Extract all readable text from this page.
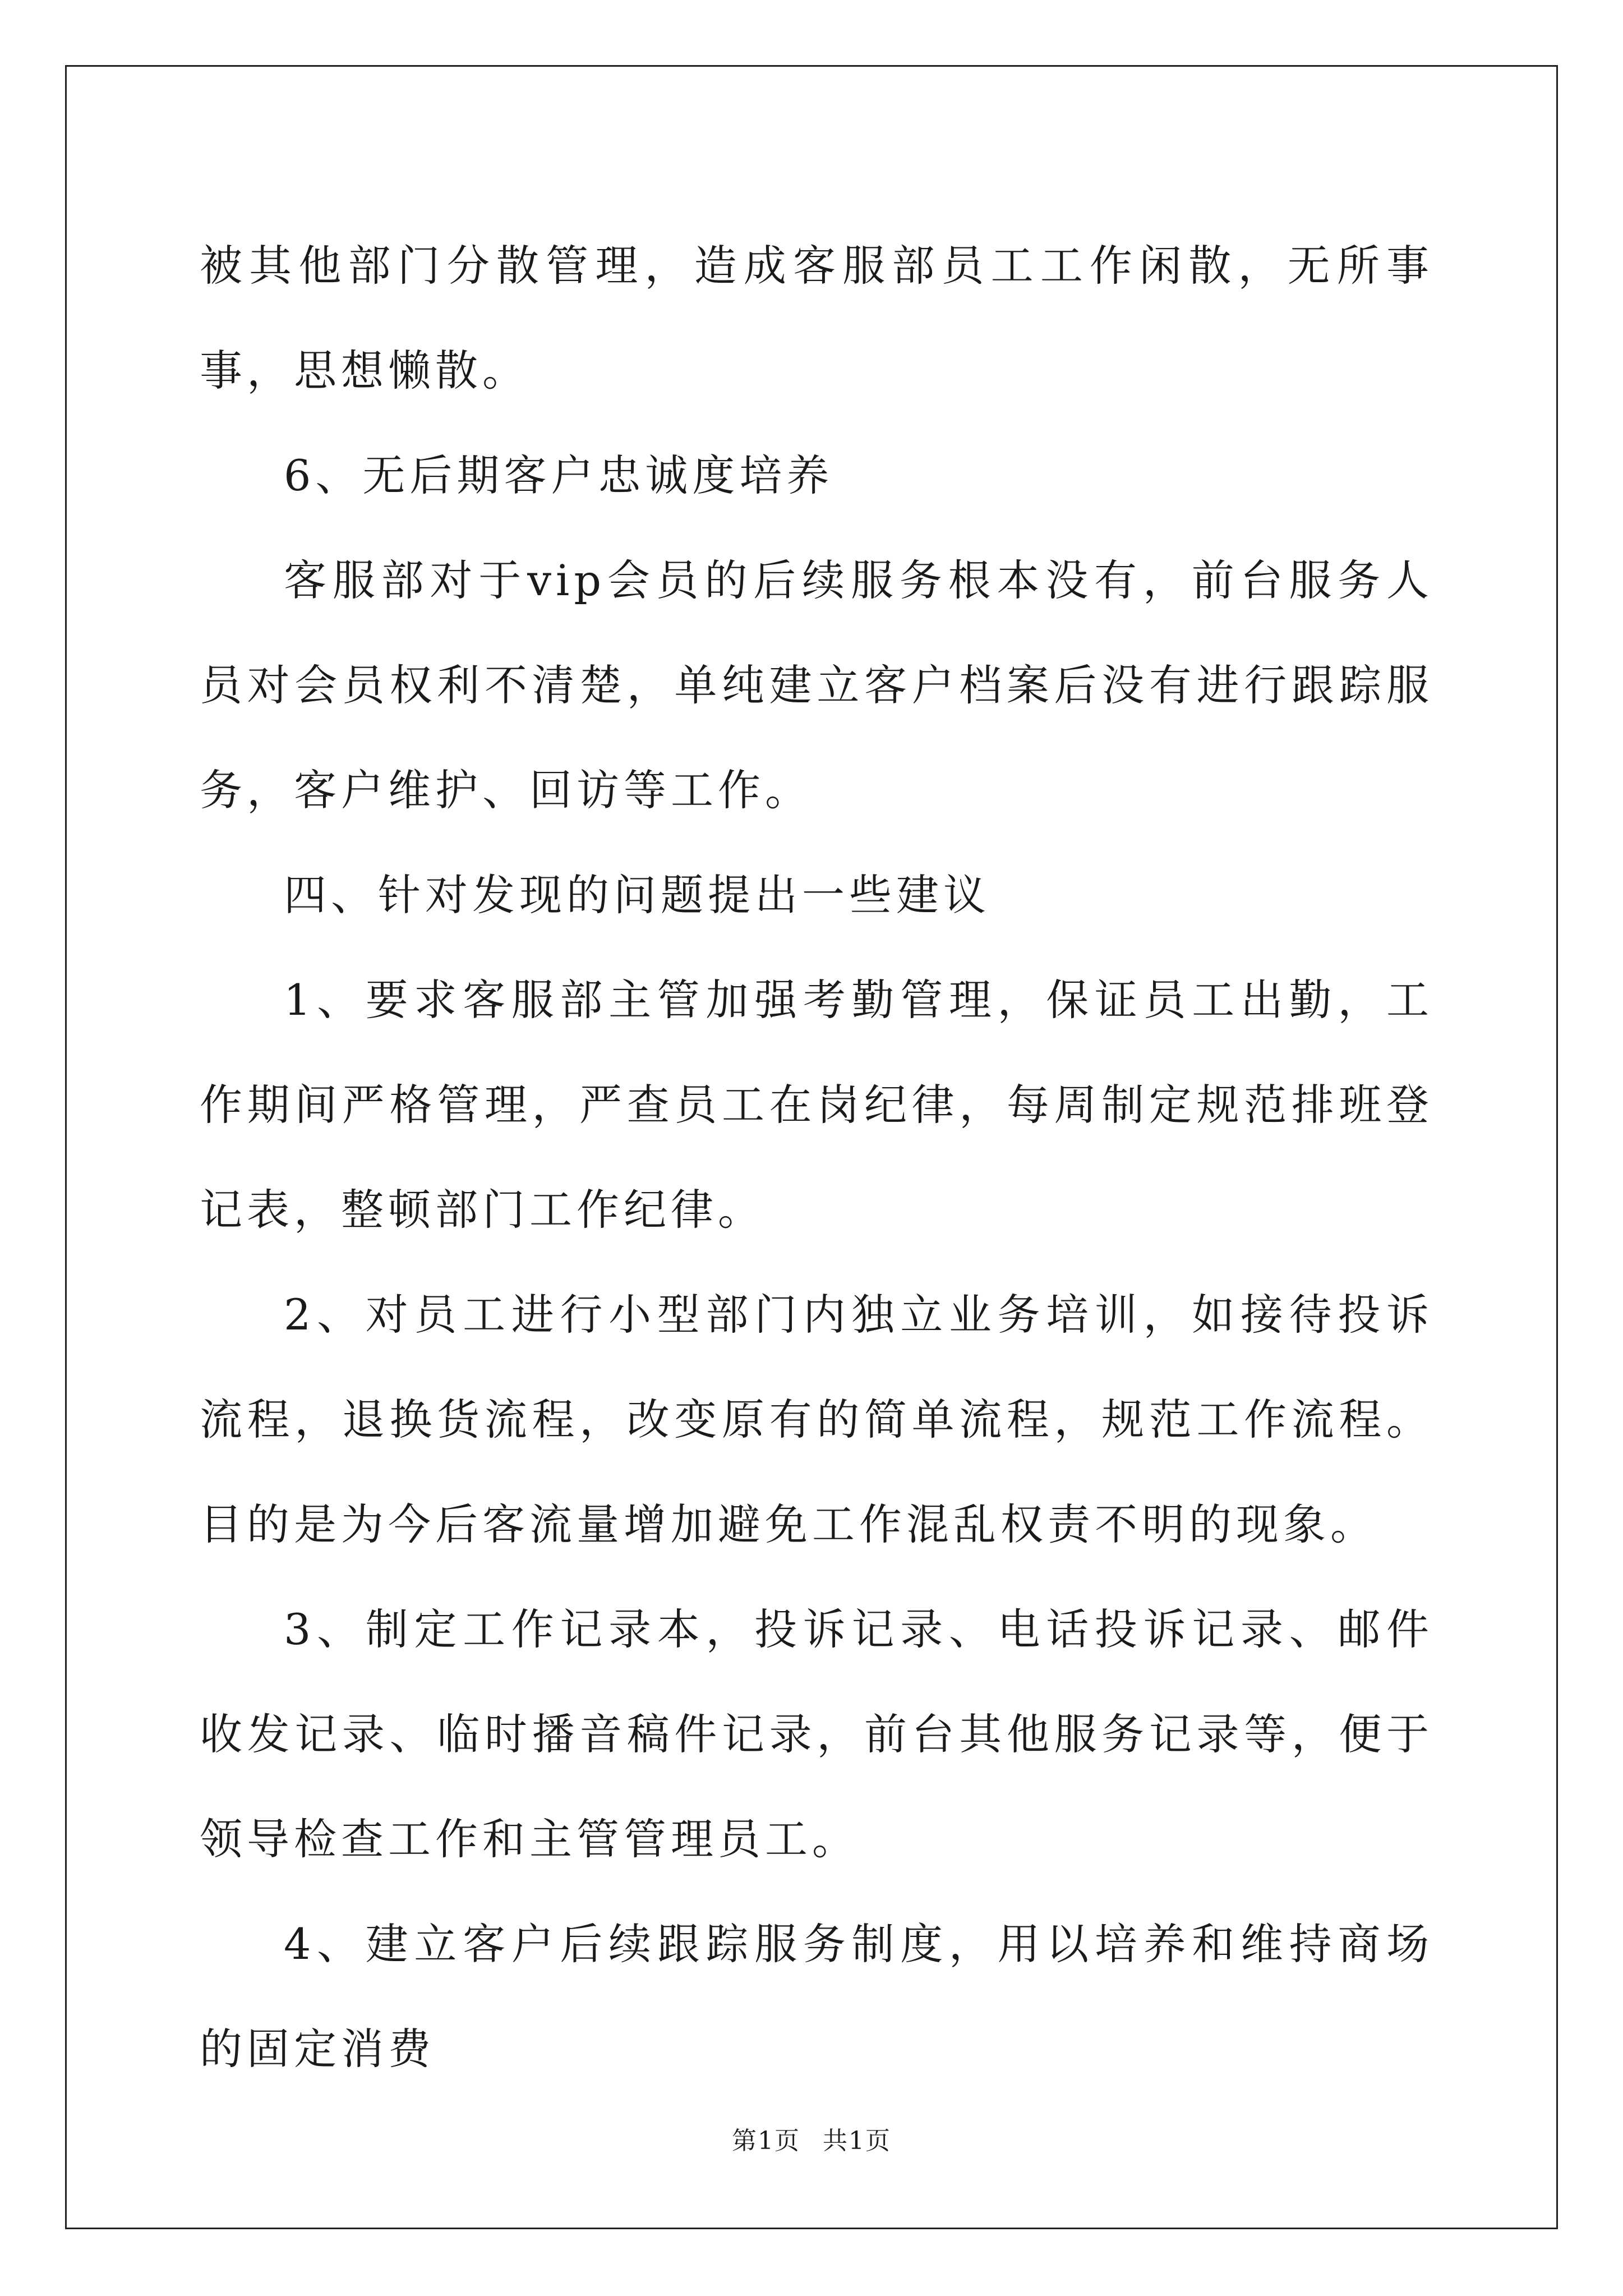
被其他部门分散管理，造成客服部员工工作闲散，无所事事，思想懒散。

6、无后期客户忠诚度培养

客服部对于vip会员的后续服务根本没有，前台服务人员对会员权利不清楚，单纯建立客户档案后没有进行跟踪服务，客户维护、回访等工作。

四、针对发现的问题提出一些建议

1、要求客服部主管加强考勤管理，保证员工出勤，工作期间严格管理，严查员工在岗纪律，每周制定规范排班登记表，整顿部门工作纪律。

2、对员工进行小型部门内独立业务培训，如接待投诉流程，退换货流程，改变原有的简单流程，规范工作流程。目的是为今后客流量增加避免工作混乱权责不明的现象。

3、制定工作记录本，投诉记录、电话投诉记录、邮件收发记录、临时播音稿件记录，前台其他服务记录等，便于领导检查工作和主管管理员工。

4、建立客户后续跟踪服务制度，用以培养和维持商场的固定消费

第1页 共1页
